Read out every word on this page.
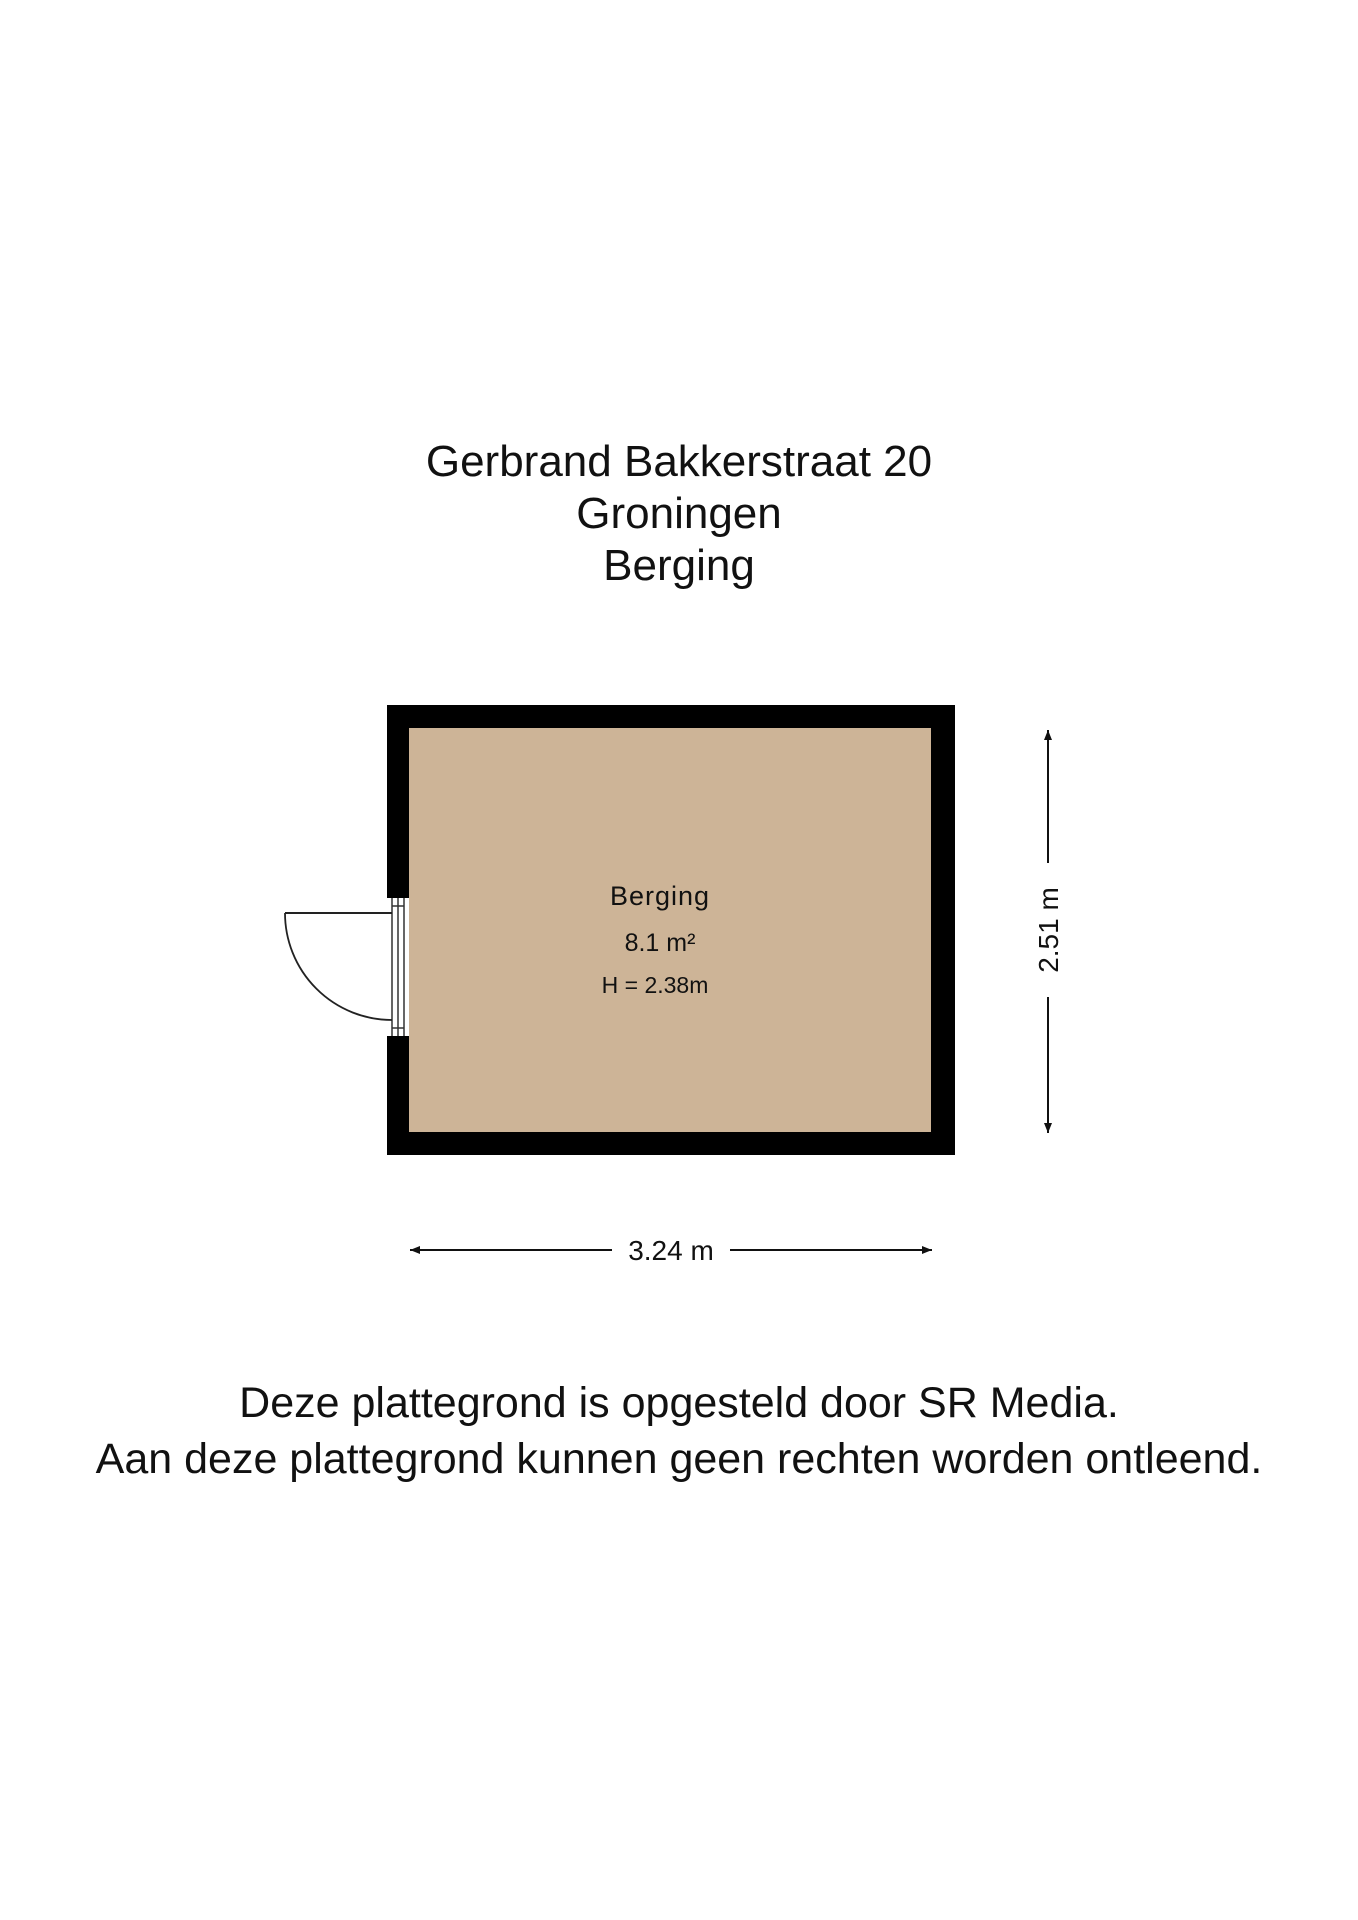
Gerbrand Bakkerstraat 20
Groningen
Berging
Berging
8.1 m²
H = 2.38m
3.24 m
2.51 m
Deze plattegrond is opgesteld door SR Media.
Aan deze plattegrond kunnen geen rechten worden ontleend.
